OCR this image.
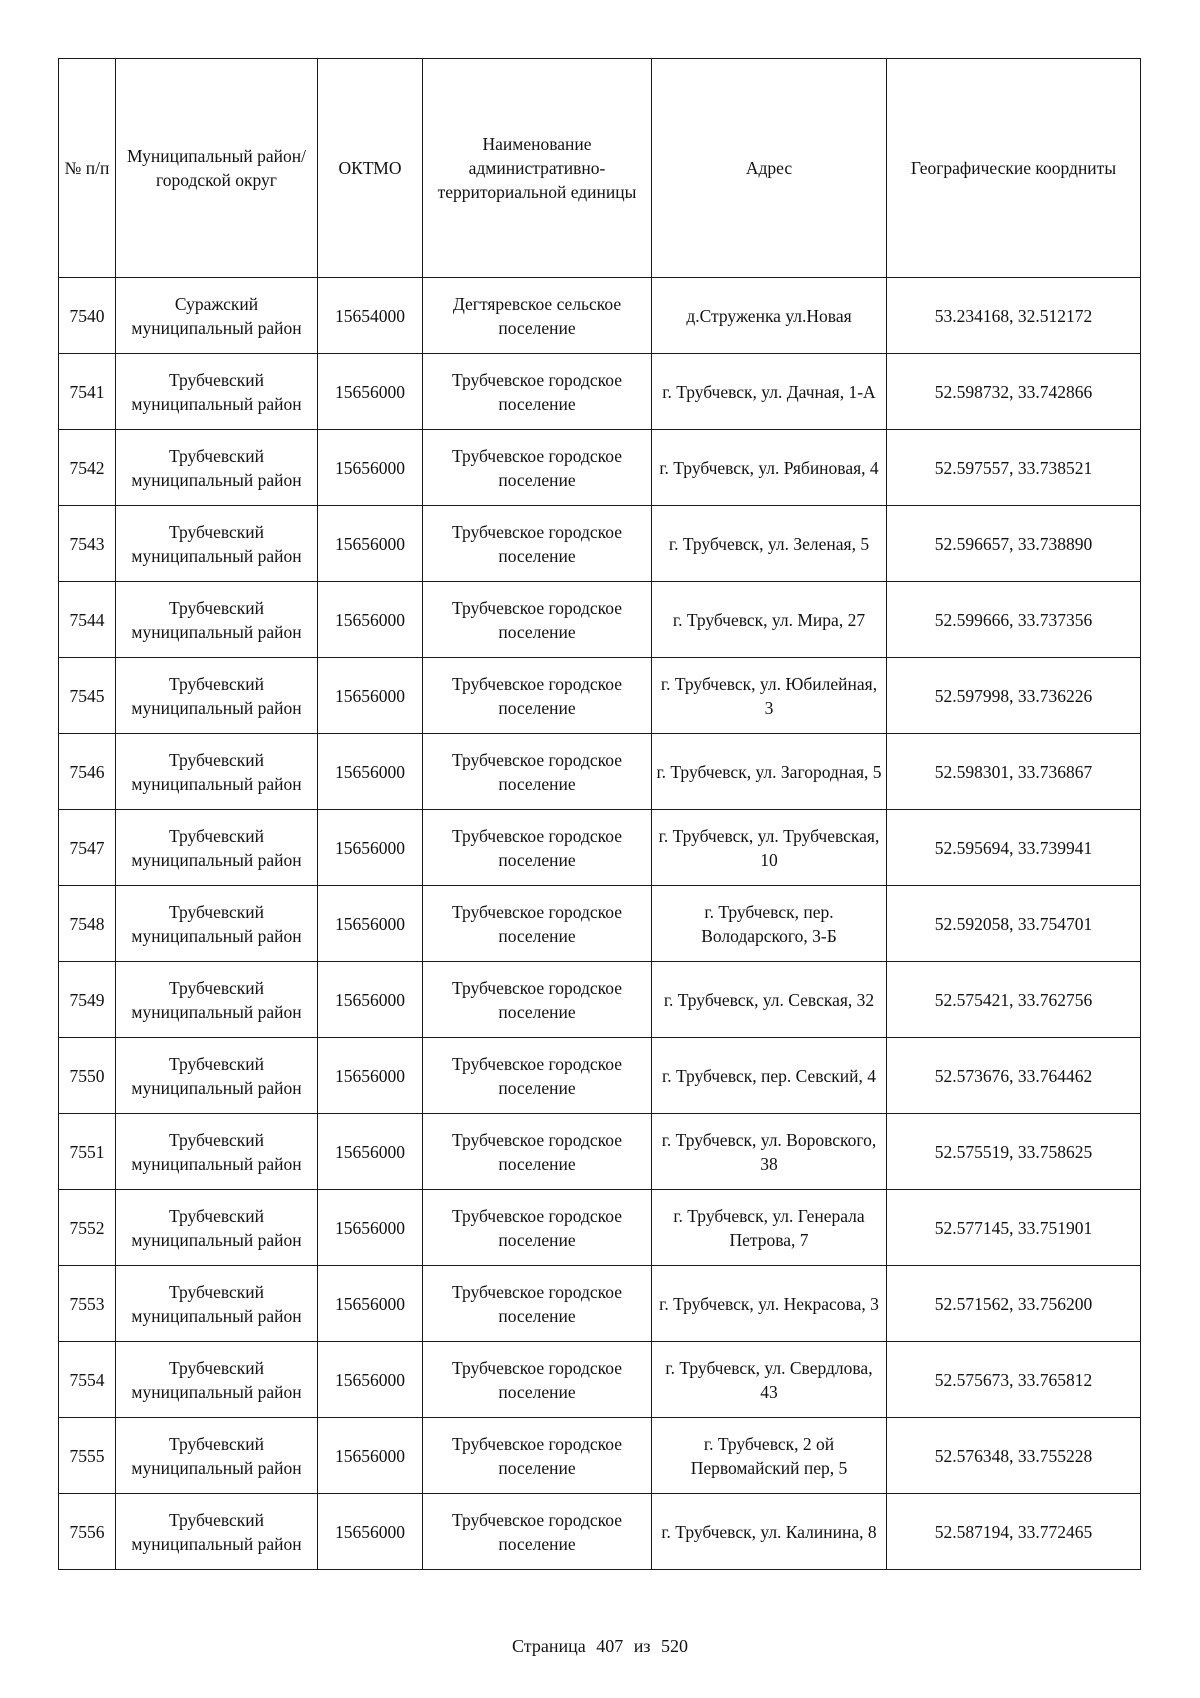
№ п/п	Муниципальный район/городской округ	ОКТМО	Наименование административно-территориальной единицы	Адрес	Географические коордниты
7540	Суражский муниципальный район	15654000	Дегтяревское сельское поселение	д.Струженка ул.Новая	53.234168, 32.512172
7541	Трубчевский муниципальный район	15656000	Трубчевское городское поселение	г. Трубчевск, ул. Дачная, 1-А	52.598732, 33.742866
7542	Трубчевский муниципальный район	15656000	Трубчевское городское поселение	г. Трубчевск, ул. Рябиновая, 4	52.597557, 33.738521
7543	Трубчевский муниципальный район	15656000	Трубчевское городское поселение	г. Трубчевск, ул. Зеленая, 5	52.596657, 33.738890
7544	Трубчевский муниципальный район	15656000	Трубчевское городское поселение	г. Трубчевск, ул. Мира, 27	52.599666, 33.737356
7545	Трубчевский муниципальный район	15656000	Трубчевское городское поселение	г. Трубчевск, ул. Юбилейная, 3	52.597998, 33.736226
7546	Трубчевский муниципальный район	15656000	Трубчевское городское поселение	г. Трубчевск, ул. Загородная, 5	52.598301, 33.736867
7547	Трубчевский муниципальный район	15656000	Трубчевское городское поселение	г. Трубчевск, ул. Трубчевская, 10	52.595694, 33.739941
7548	Трубчевский муниципальный район	15656000	Трубчевское городское поселение	г. Трубчевск, пер. Володарского, 3-Б	52.592058, 33.754701
7549	Трубчевский муниципальный район	15656000	Трубчевское городское поселение	г. Трубчевск, ул. Севская, 32	52.575421, 33.762756
7550	Трубчевский муниципальный район	15656000	Трубчевское городское поселение	г. Трубчевск, пер. Севский, 4	52.573676, 33.764462
7551	Трубчевский муниципальный район	15656000	Трубчевское городское поселение	г. Трубчевск, ул. Воровского, 38	52.575519, 33.758625
7552	Трубчевский муниципальный район	15656000	Трубчевское городское поселение	г. Трубчевск, ул. Генерала Петрова, 7	52.577145, 33.751901
7553	Трубчевский муниципальный район	15656000	Трубчевское городское поселение	г. Трубчевск, ул. Некрасова, 3	52.571562, 33.756200
7554	Трубчевский муниципальный район	15656000	Трубчевское городское поселение	г. Трубчевск, ул. Свердлова, 43	52.575673, 33.765812
7555	Трубчевский муниципальный район	15656000	Трубчевское городское поселение	г. Трубчевск, 2 ой Первомайский пер, 5	52.576348, 33.755228
7556	Трубчевский муниципальный район	15656000	Трубчевское городское поселение	г. Трубчевск, ул. Калинина, 8	52.587194, 33.772465
Страница 407 из 520
